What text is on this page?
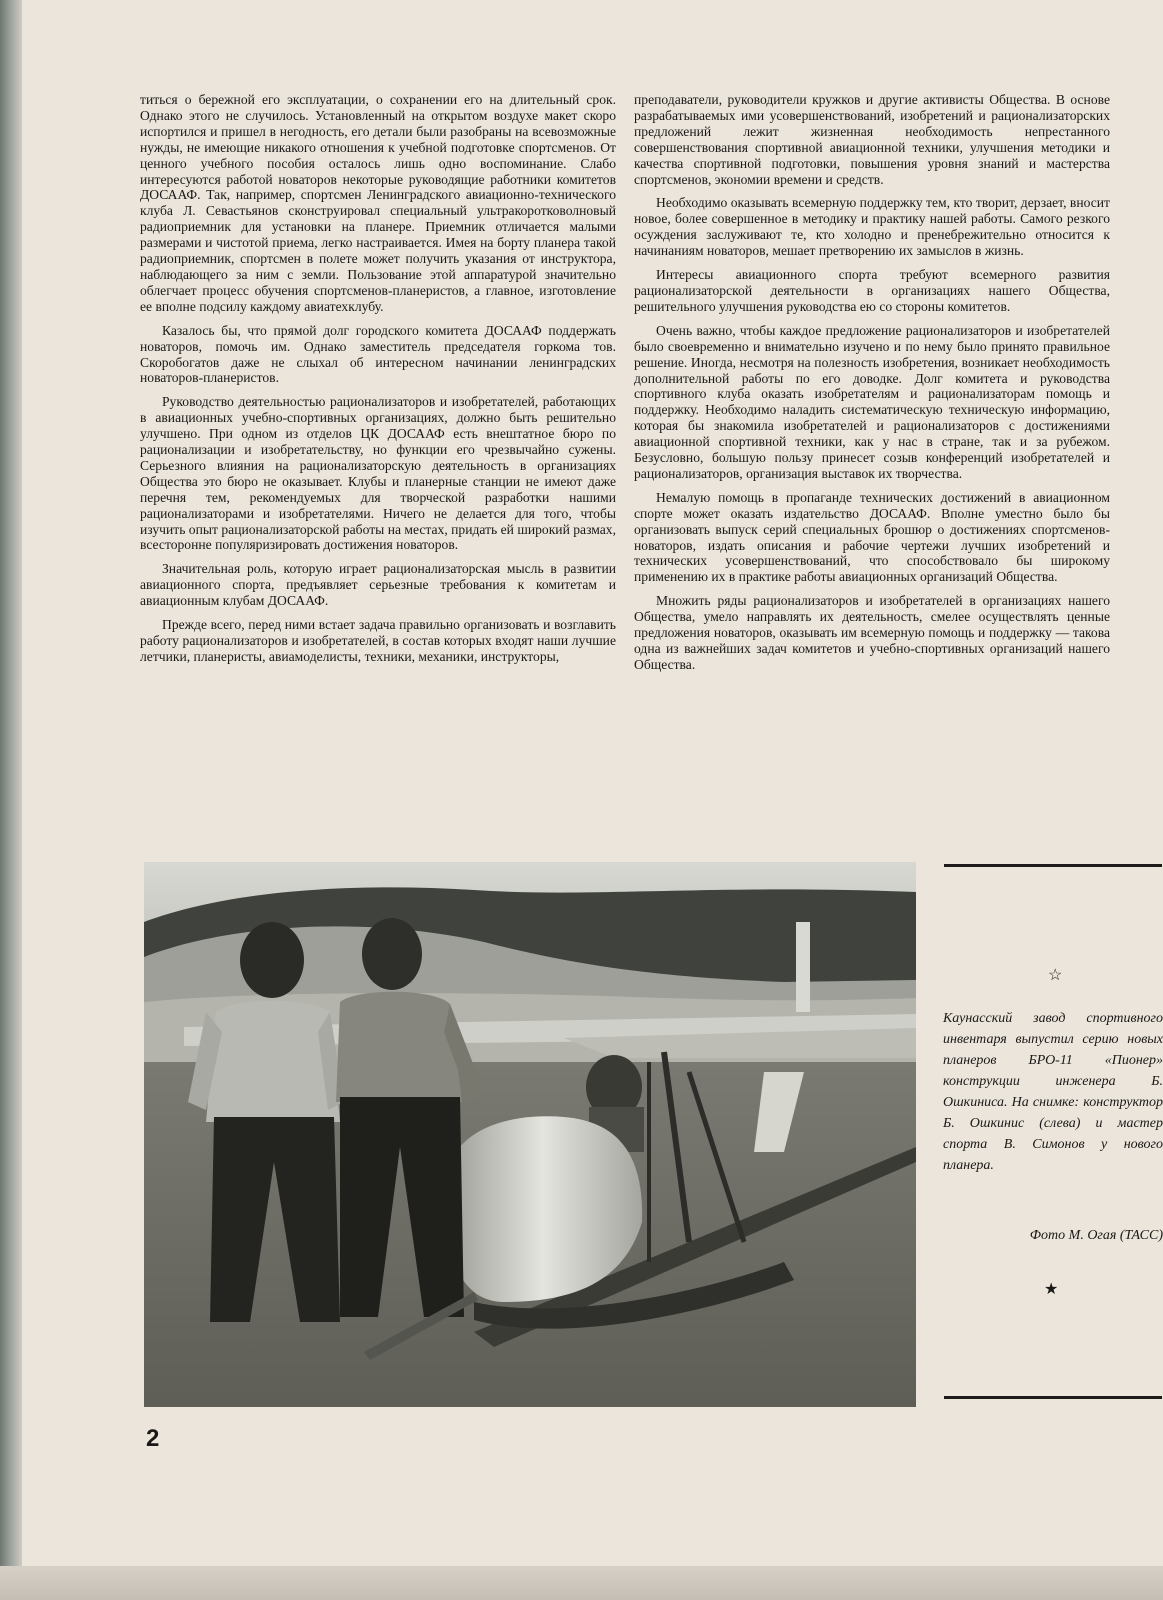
титься о бережной его эксплуатации, о сохранении его на длительный срок. Однако этого не случилось. Установленный на открытом воздухе макет скоро испортился и пришел в негодность, его детали были разобраны на всевозможные нужды, не имеющие никакого отношения к учебной подготовке спортсменов. От ценного учебного пособия осталось лишь одно воспоминание. Слабо интересуются работой новаторов некоторые руководящие работники комитетов ДОСААФ. Так, например, спортсмен Ленинградского авиационно-технического клуба Л. Севастьянов сконструировал специальный ультракоротковолновый радиоприемник для установки на планере. Приемник отличается малыми размерами и чистотой приема, легко настраивается. Имея на борту планера такой радиоприемник, спортсмен в полете может получить указания от инструктора, наблюдающего за ним с земли. Пользование этой аппаратурой значительно облегчает процесс обучения спортсменов-планеристов, а главное, изготовление ее вполне подсилу каждому авиатехклубу.

Казалось бы, что прямой долг городского комитета ДОСААФ поддержать новаторов, помочь им. Однако заместитель председателя горкома тов. Скоробогатов даже не слыхал об интересном начинании ленинградских новаторов-планеристов.

Руководство деятельностью рационализаторов и изобретателей, работающих в авиационных учебно-спортивных организациях, должно быть решительно улучшено. При одном из отделов ЦК ДОСААФ есть внештатное бюро по рационализации и изобретательству, но функции его чрезвычайно сужены. Серьезного влияния на рационализаторскую деятельность в организациях Общества это бюро не оказывает. Клубы и планерные станции не имеют даже перечня тем, рекомендуемых для творческой разработки нашими рационализаторами и изобретателями. Ничего не делается для того, чтобы изучить опыт рационализаторской работы на местах, придать ей широкий размах, всесторонне популяризировать достижения новаторов.

Значительная роль, которую играет рационализаторская мысль в развитии авиационного спорта, предъявляет серьезные требования к комитетам и авиационным клубам ДОСААФ.

Прежде всего, перед ними встает задача правильно организовать и возглавить работу рационализаторов и изобретателей, в состав которых входят наши лучшие летчики, планеристы, авиамоделисты, техники, механики, инструкторы,

преподаватели, руководители кружков и другие активисты Общества. В основе разрабатываемых ими усовершенствований, изобретений и рационализаторских предложений лежит жизненная необходимость непрестанного совершенствования спортивной авиационной техники, улучшения методики и качества спортивной подготовки, повышения уровня знаний и мастерства спортсменов, экономии времени и средств.

Необходимо оказывать всемерную поддержку тем, кто творит, дерзает, вносит новое, более совершенное в методику и практику нашей работы. Самого резкого осуждения заслуживают те, кто холодно и пренебрежительно относится к начинаниям новаторов, мешает претворению их замыслов в жизнь.

Интересы авиационного спорта требуют всемерного развития рационализаторской деятельности в организациях нашего Общества, решительного улучшения руководства ею со стороны комитетов.

Очень важно, чтобы каждое предложение рационализаторов и изобретателей было своевременно и внимательно изучено и по нему было принято правильное решение. Иногда, несмотря на полезность изобретения, возникает необходимость дополнительной работы по его доводке. Долг комитета и руководства спортивного клуба оказать изобретателям и рационализаторам помощь и поддержку. Необходимо наладить систематическую техническую информацию, которая бы знакомила изобретателей и рационализаторов с достижениями авиационной спортивной техники, как у нас в стране, так и за рубежом. Безусловно, большую пользу принесет созыв конференций изобретателей и рационализаторов, организация выставок их творчества.

Немалую помощь в пропаганде технических достижений в авиационном спорте может оказать издательство ДОСААФ. Вполне уместно было бы организовать выпуск серий специальных брошюр о достижениях спортсменов-новаторов, издать описания и рабочие чертежи лучших изобретений и технических усовершенствований, что способствовало бы широкому применению их в практике работы авиационных организаций Общества.

Множить ряды рационализаторов и изобретателей в организациях нашего Общества, умело направлять их деятельность, смелее осуществлять ценные предложения новаторов, оказывать им всемерную помощь и поддержку — такова одна из важнейших задач комитетов и учебно-спортивных организаций нашего Общества.

☆
Каунасский завод спортивного инвентаря выпустил серию новых планеров БРО-11 «Пионер» конструкции инженера Б. Ошкиниса. На снимке: конструктор Б. Ошкинис (слева) и мастер спорта В. Симонов у нового планера.
Фото М. Огая (ТАСС)
★
2
